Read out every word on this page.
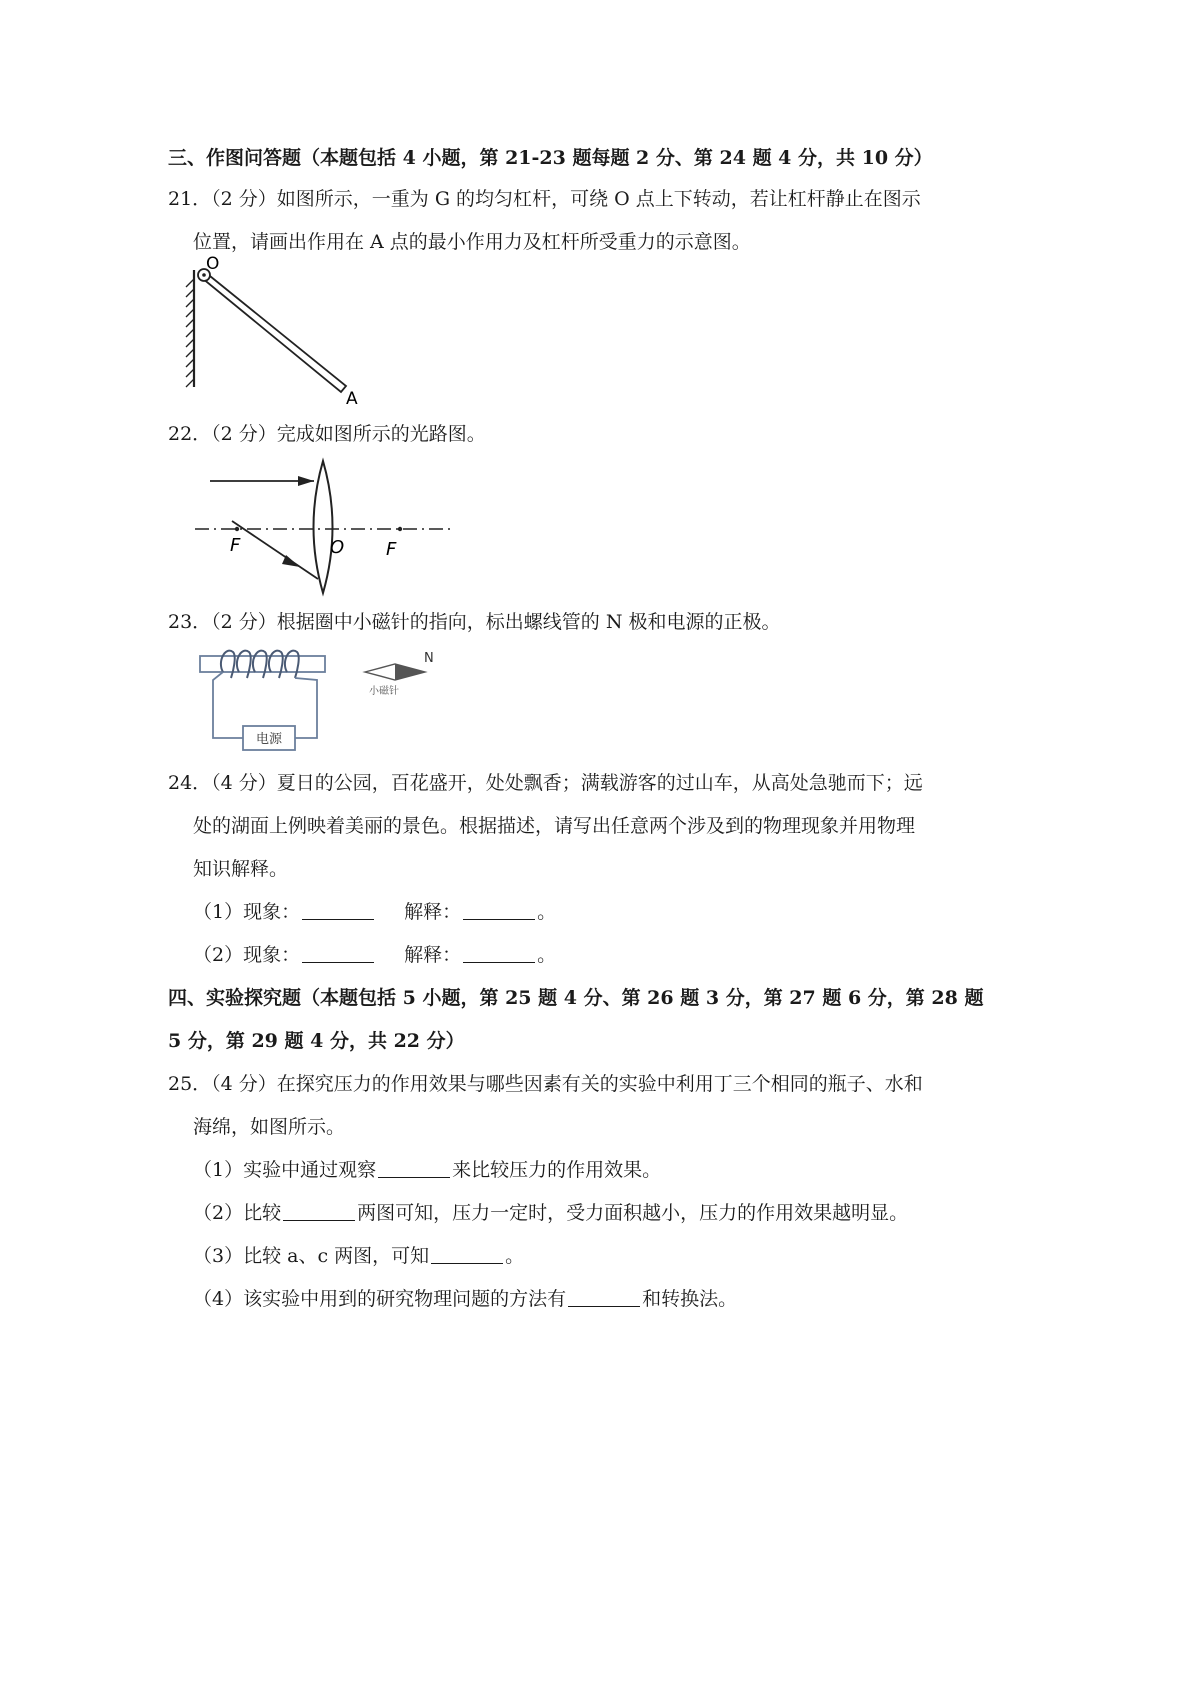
三、作图问答题（本题包括 4 小题，第 21-23 题每题 2 分、第 24 题 4 分，共 10 分）
21．（2 分）如图所示，一重为 G 的均匀杠杆，可绕 O 点上下转动，若让杠杆静止在图示
位置，请画出作用在 A 点的最小作用力及杠杆所受重力的示意图。
O
A
22．（2 分）完成如图所示的光路图。
F	O F
23．（2 分）根据圈中小磁针的指向，标出螺线管的 N 极和电源的正极。
电源
N
小磁针
24．（4 分）夏日的公园，百花盛开，处处飘香；满载游客的过山车，从高处急驰而下；远
处的湖面上例映着美丽的景色。根据描述，请写出任意两个涉及到的物理现象并用物理
知识解释。
（1）现象：	解释：	。
（2）现象：	解释：	。
四、实验探究题（本题包括 5 小题，第 25 题 4 分、第 26 题 3 分，第 27 题 6 分，第 28 题
5 分，第 29 题 4 分，共 22 分）
25．（4 分）在探究压力的作用效果与哪些因素有关的实验中利用丁三个相同的瓶子、水和
海绵，如图所示。
（1）实验中通过观察	来比较压力的作用效果。
（2）比较	两图可知，压力一定时，受力面积越小，压力的作用效果越明显。
（3）比较 a、c 两图，可知	。
（4）该实验中用到的研究物理问题的方法有	和转换法。
